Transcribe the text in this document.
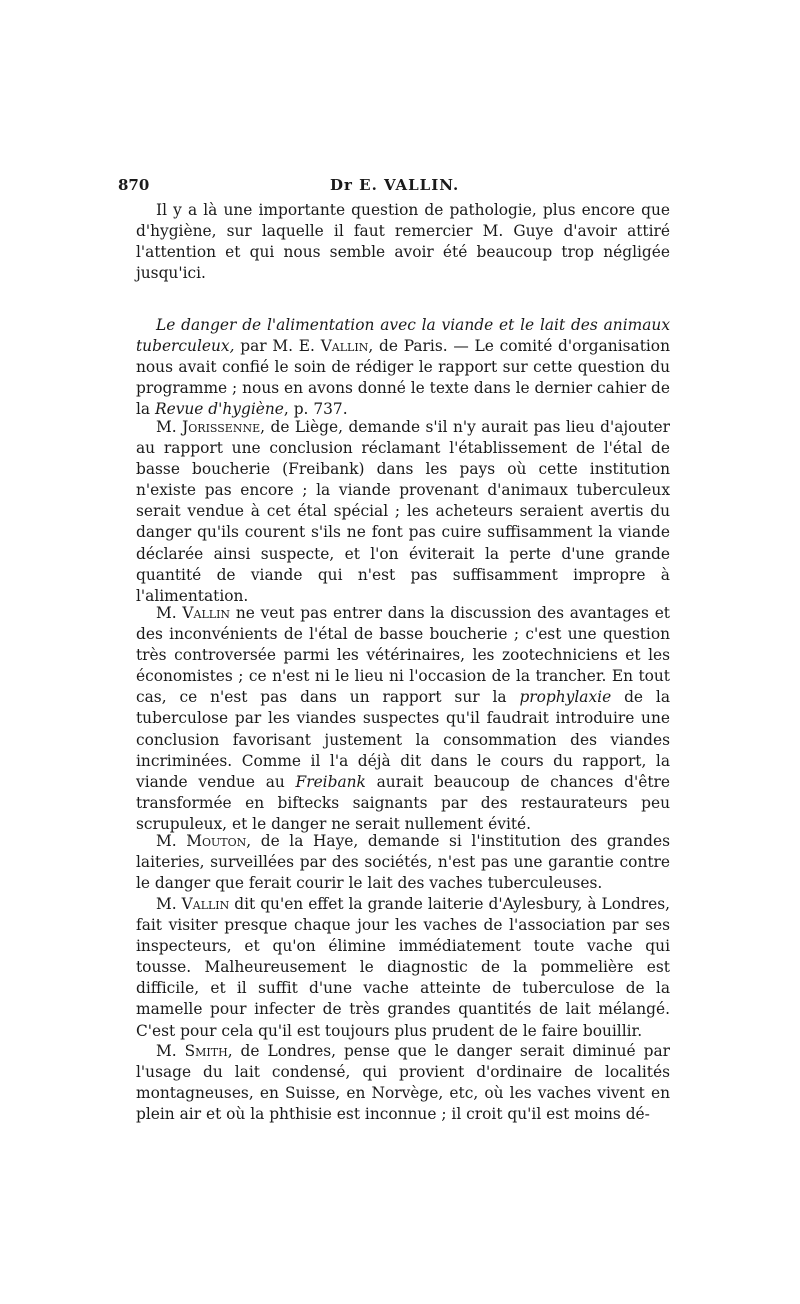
870	Dr E. VALLIN.

Il y a là une importante question de pathologie, plus encore que d'hygiène, sur laquelle il faut remercier M. Guye d'avoir attiré l'attention et qui nous semble avoir été beaucoup trop négligée jusqu'ici.

Le danger de l'alimentation avec la viande et le lait des animaux tuberculeux, par M. E. Vallin, de Paris. — Le comité d'organisation nous avait confié le soin de rédiger le rapport sur cette question du programme ; nous en avons donné le texte dans le dernier cahier de la Revue d'hygiène, p. 737.

M. Jorissenne, de Liège, demande s'il n'y aurait pas lieu d'ajouter au rapport une conclusion réclamant l'établissement de l'étal de basse boucherie (Freibank) dans les pays où cette institution n'existe pas encore ; la viande provenant d'animaux tuberculeux serait vendue à cet étal spécial ; les acheteurs seraient avertis du danger qu'ils courent s'ils ne font pas cuire suffisamment la viande déclarée ainsi suspecte, et l'on éviterait la perte d'une grande quantité de viande qui n'est pas suffisamment impropre à l'alimentation.

M. Vallin ne veut pas entrer dans la discussion des avantages et des inconvénients de l'étal de basse boucherie ; c'est une question très controversée parmi les vétérinaires, les zootechniciens et les économistes ; ce n'est ni le lieu ni l'occasion de la trancher. En tout cas, ce n'est pas dans un rapport sur la prophylaxie de la tuberculose par les viandes suspectes qu'il faudrait introduire une conclusion favorisant justement la consommation des viandes incriminées. Comme il l'a déjà dit dans le cours du rapport, la viande vendue au Freibank aurait beaucoup de chances d'être transformée en biftecks saignants par des restaurateurs peu scrupuleux, et le danger ne serait nullement évité.

M. Mouton, de la Haye, demande si l'institution des grandes laiteries, surveillées par des sociétés, n'est pas une garantie contre le danger que ferait courir le lait des vaches tuberculeuses.

M. Vallin dit qu'en effet la grande laiterie d'Aylesbury, à Londres, fait visiter presque chaque jour les vaches de l'association par ses inspecteurs, et qu'on élimine immédiatement toute vache qui tousse. Malheureusement le diagnostic de la pommelière est difficile, et il suffit d'une vache atteinte de tuberculose de la mamelle pour infecter de très grandes quantités de lait mélangé. C'est pour cela qu'il est toujours plus prudent de le faire bouillir.

M. Smith, de Londres, pense que le danger serait diminué par l'usage du lait condensé, qui provient d'ordinaire de localités montagneuses, en Suisse, en Norvège, etc, où les vaches vivent en plein air et où la phthisie est inconnue ; il croit qu'il est moins dé-
